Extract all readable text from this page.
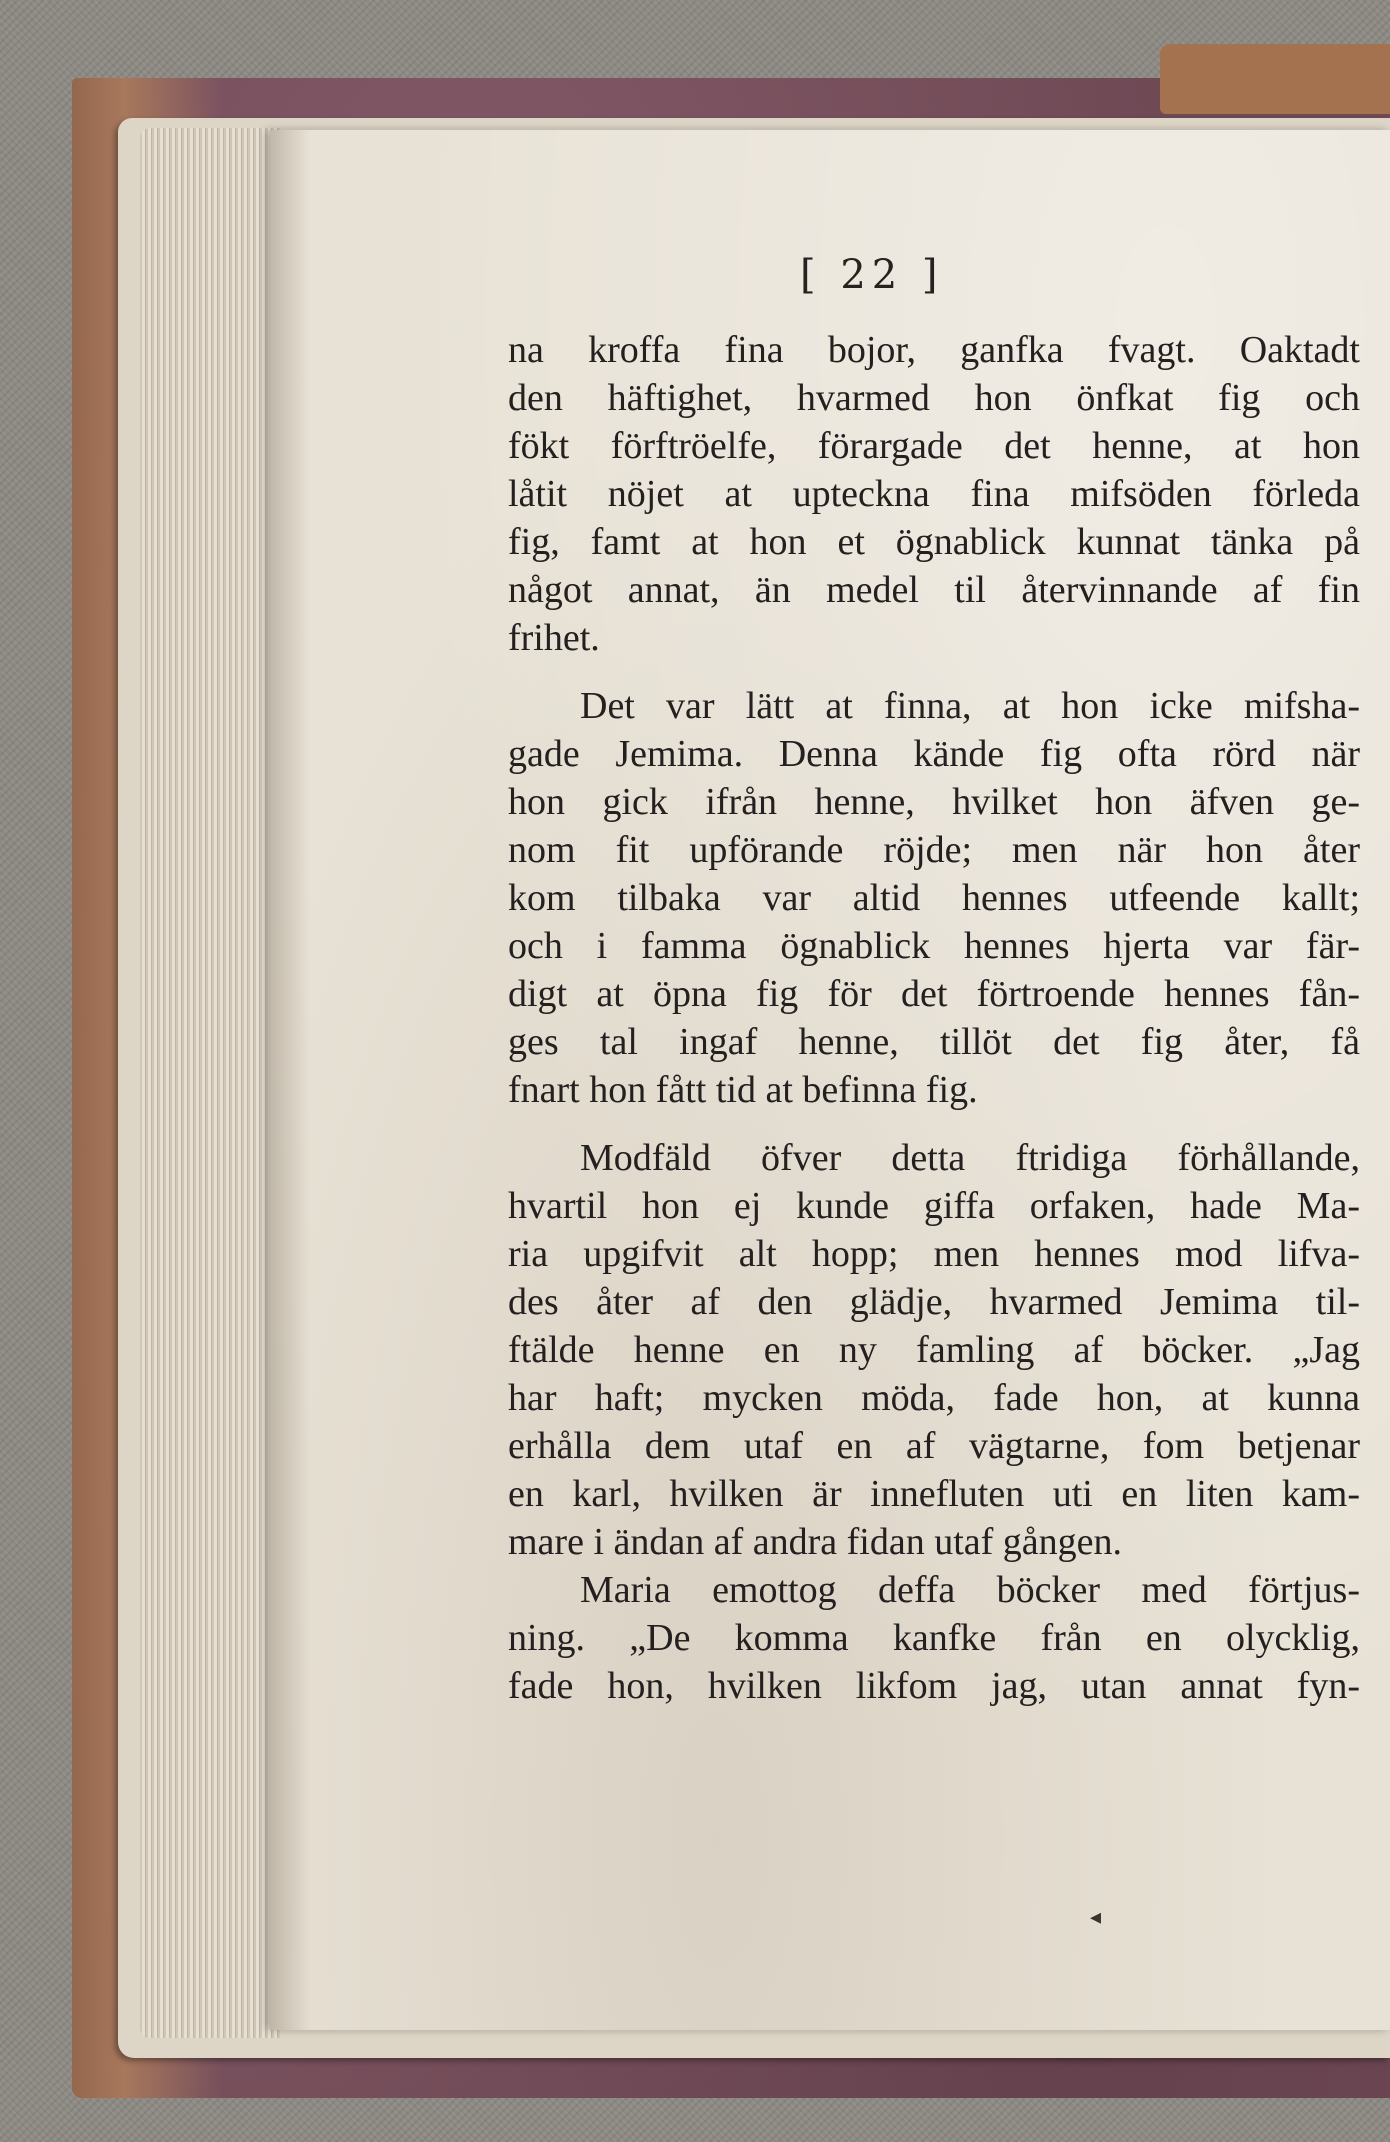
[ 22 ]
na kroffa fina bojor, ganfka fvagt. Oaktadt
den häftighet, hvarmed hon önfkat fig och
fökt förftröelfe, förargade det henne, at hon
låtit nöjet at upteckna fina mifsöden förleda
fig, famt at hon et ögnablick kunnat tänka på
något annat, än medel til återvinnande af fin
frihet.
Det var lätt at finna, at hon icke mifsha-
gade Jemima. Denna kände fig ofta rörd när
hon gick ifrån henne, hvilket hon äfven ge-
nom fit upförande röjde; men när hon åter
kom tilbaka var altid hennes utfeende kallt;
och i famma ögnablick hennes hjerta var fär-
digt at öpna fig för det förtroende hennes fån-
ges tal ingaf henne, tillöt det fig åter, få
fnart hon fått tid at befinna fig.
Modfäld öfver detta ftridiga förhållande,
hvartil hon ej kunde giffa orfaken, hade Ma-
ria upgifvit alt hopp; men hennes mod lifva-
des åter af den glädje, hvarmed Jemima til-
ftälde henne en ny famling af böcker. „Jag
har haft; mycken möda, fade hon, at kunna
erhålla dem utaf en af vägtarne, fom betjenar
en karl, hvilken är innefluten uti en liten kam-
mare i ändan af andra fidan utaf gången.
Maria emottog deffa böcker med förtjus-
ning. „De komma kanfke från en olycklig,
fade hon, hvilken likfom jag, utan annat fyn-
◂
